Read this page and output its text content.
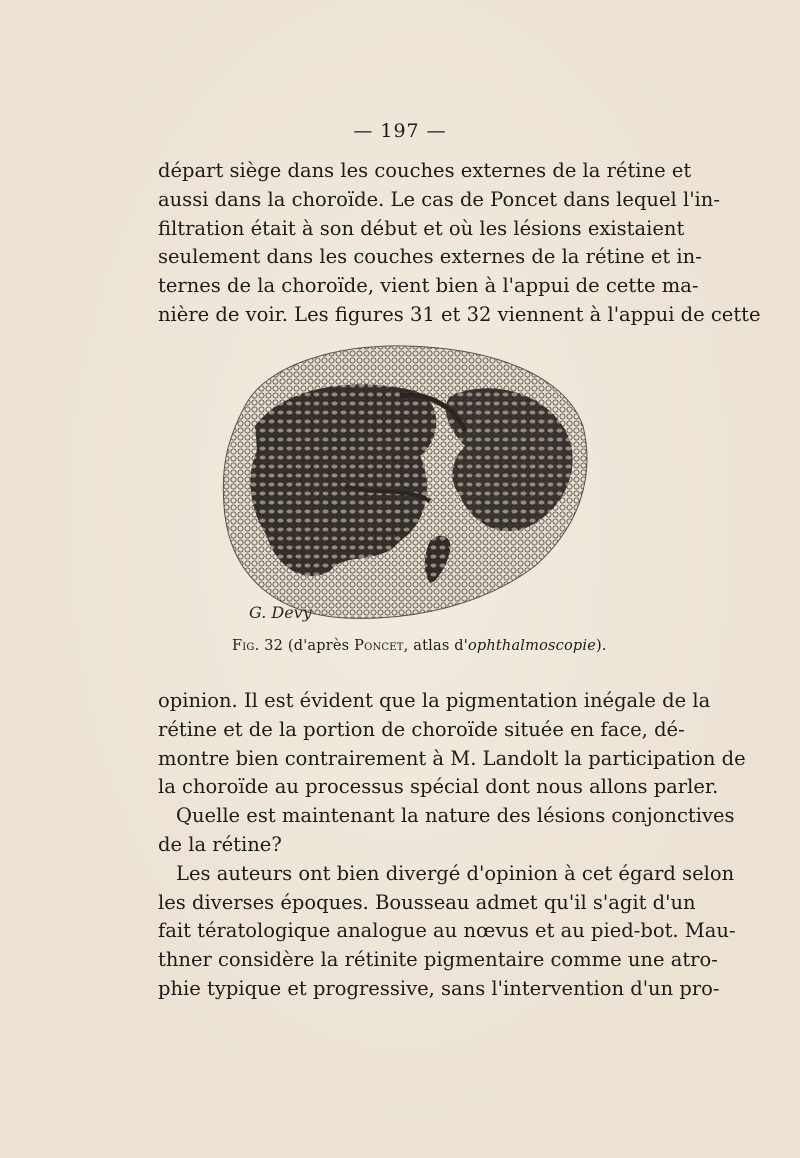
— 197 —
départ siège dans les couches externes de la rétine et
aussi dans la choroïde. Le cas de Poncet dans lequel l'in-
filtration était à son début et où les lésions existaient
seulement dans les couches externes de la rétine et in-
ternes de la choroïde, vient bien à l'appui de cette ma-
nière de voir. Les figures 31 et 32 viennent à l'appui de cette
G. Devy
Fig. 32 (d'après Poncet, atlas d'ophthalmoscopie).
opinion. Il est évident que la pigmentation inégale de la
rétine et de la portion de choroïde située en face, dé-
montre bien contrairement à M. Landolt la participation de
la choroïde au processus spécial dont nous allons parler.
Quelle est maintenant la nature des lésions conjonctives
de la rétine?
Les auteurs ont bien divergé d'opinion à cet égard selon
les diverses époques. Bousseau admet qu'il s'agit d'un
fait tératologique analogue au nœvus et au pied-bot. Mau-
thner considère la rétinite pigmentaire comme une atro-
phie typique et progressive, sans l'intervention d'un pro-
